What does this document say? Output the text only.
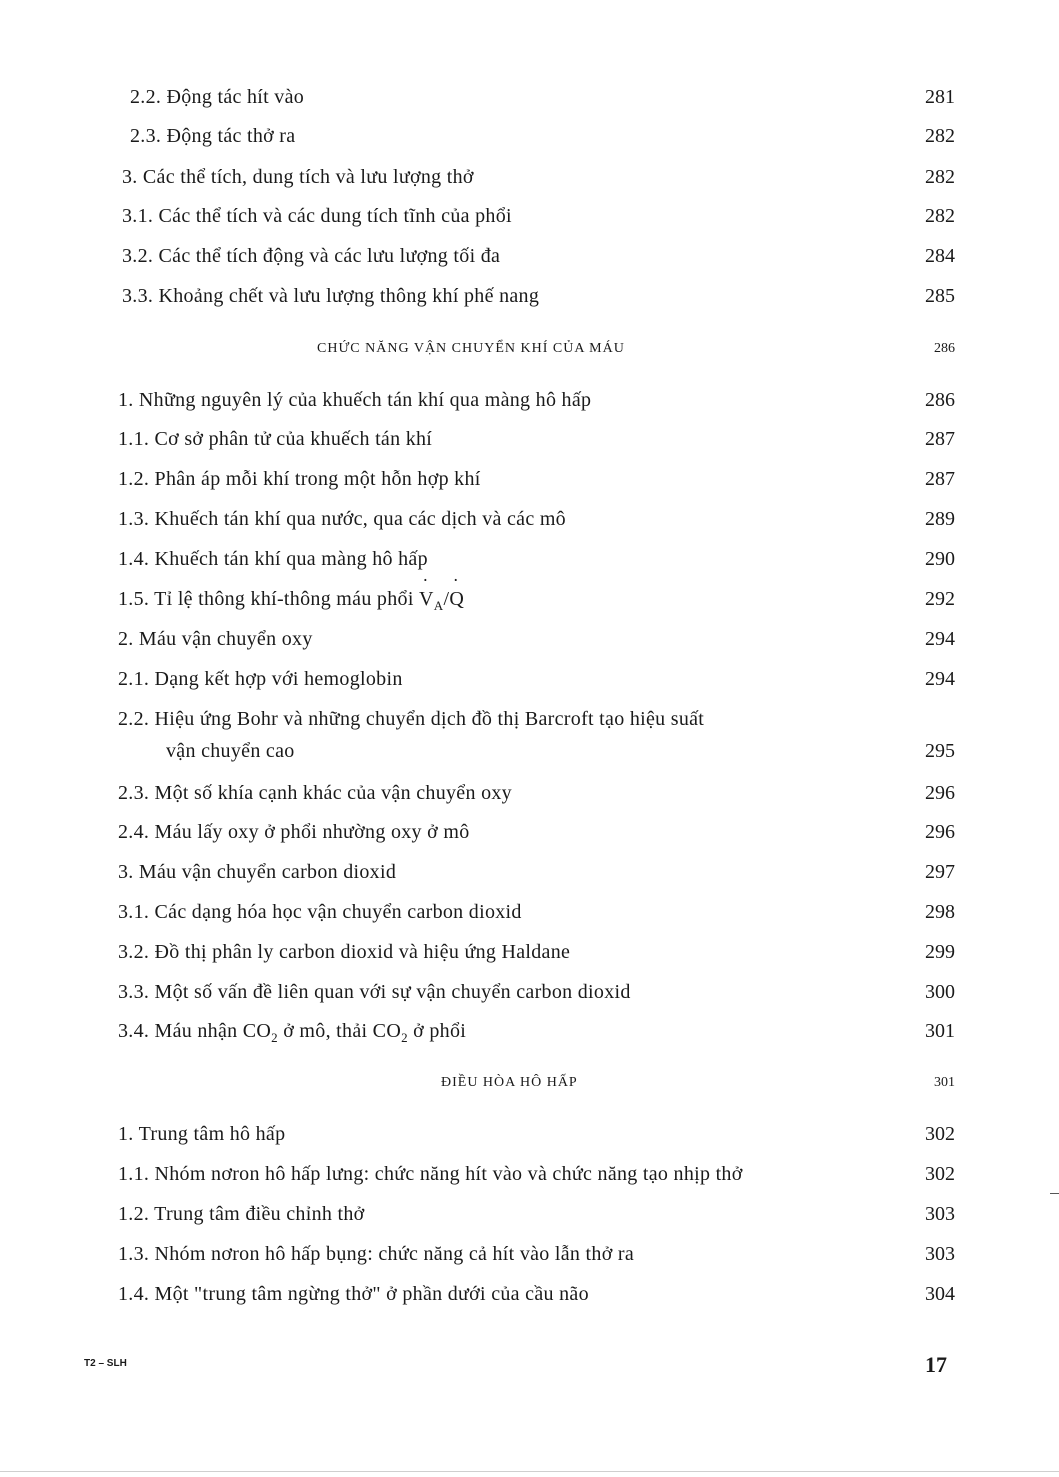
2.2. Động tác hít vào	281
2.3. Động tác thở ra	282
3. Các thể tích, dung tích và lưu lượng thở	282
3.1. Các thể tích và các dung tích tĩnh của phổi	282
3.2. Các thể tích động và các lưu lượng tối đa	284
3.3. Khoảng chết và lưu lượng thông khí phế nang	285
CHỨC NĂNG VẬN CHUYỂN KHÍ CỦA MÁU	286
1. Những nguyên lý của khuếch tán khí qua màng hô hấp	286
1.1. Cơ sở phân tử của khuếch tán khí	287
1.2. Phân áp mỗi khí trong một hỗn hợp khí	287
1.3. Khuếch tán khí qua nước, qua các dịch và các mô	289
1.4. Khuếch tán khí qua màng hô hấp	290
1.5. Tỉ lệ thông khí-thông máu phổi ˙ $V_A/˙$ Q	292
2. Máu vận chuyển oxy	294
2.1. Dạng kết hợp với hemoglobin	294
2.2. Hiệu ứng Bohr và những chuyển dịch đồ thị Barcroft tạo hiệu suất
vận chuyển cao	295
2.3. Một số khía cạnh khác của vận chuyển oxy	296
2.4. Máu lấy oxy ở phổi nhường oxy ở mô	296
3. Máu vận chuyển carbon dioxid	297
3.1. Các dạng hóa học vận chuyển carbon dioxid	298
3.2. Đồ thị phân ly carbon dioxid và hiệu ứng Haldane	299
3.3. Một số vấn đề liên quan với sự vận chuyển carbon dioxid	300
3.4. Máu nhận $CO_2$ ở mô, thải $CO_2$ ở phổi	301
ĐIỀU HÒA HÔ HẤP	301
1. Trung tâm hô hấp	302
1.1. Nhóm nơron hô hấp lưng: chức năng hít vào và chức năng tạo nhịp thở	302
1.2. Trung tâm điều chỉnh thở	303
1.3. Nhóm nơron hô hấp bụng: chức năng cả hít vào lẫn thở ra	303
1.4. Một "trung tâm ngừng thở" ở phần dưới của cầu não	304
T2 – SLH	17
